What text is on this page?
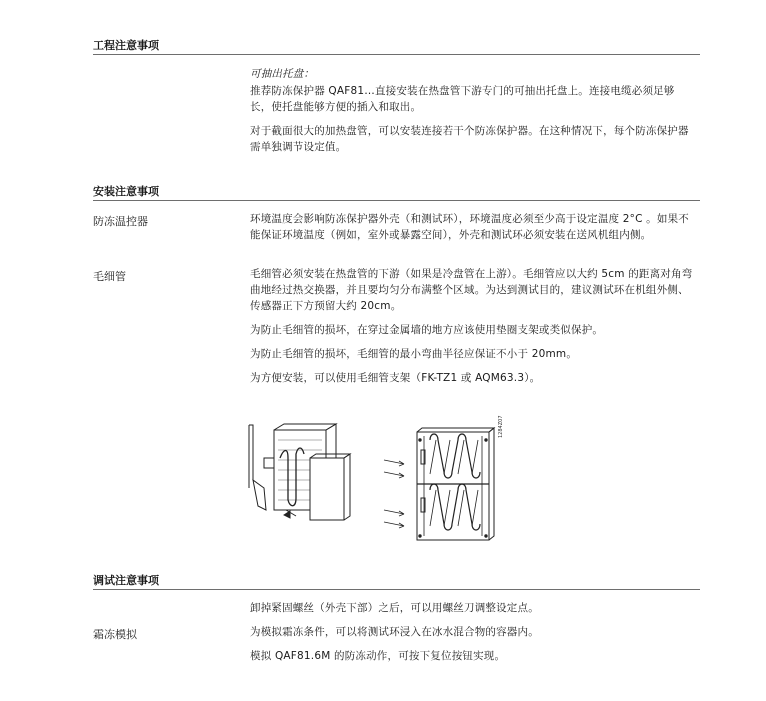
工程注意事项
可抽出托盘：
推荐防冻保护器 QAF81…直接安装在热盘管下游专门的可抽出托盘上。连接电缆必须足够长，使托盘能够方便的插入和取出。
对于截面很大的加热盘管，可以安装连接若干个防冻保护器。在这种情况下，每个防冻保护器需单独调节设定值。
安装注意事项
防冻温控器	环境温度会影响防冻保护器外壳（和测试环），环境温度必须至少高于设定温度 2°C 。如果不能保证环境温度（例如，室外或暴露空间），外壳和测试环必须安装在送风机组内侧。
毛细管	毛细管必须安装在热盘管的下游（如果是冷盘管在上游）。毛细管应以大约 5cm 的距离对角弯曲地经过热交换器，并且要均匀分布满整个区域。为达到测试目的，建议测试环在机组外侧、传感器正下方预留大约 20cm。
为防止毛细管的损坏，在穿过金属墙的地方应该使用垫圈支架或类似保护。
为防止毛细管的损坏，毛细管的最小弯曲半径应保证不小于 20mm。
为方便安装，可以使用毛细管支架（FK-TZ1 或 AQM63.3）。
1284Z07
调试注意事项
卸掉紧固螺丝（外壳下部）之后，可以用螺丝刀调整设定点。
霜冻模拟	为模拟霜冻条件，可以将测试环浸入在冰水混合物的容器内。
模拟 QAF81.6M 的防冻动作，可按下复位按钮实现。
